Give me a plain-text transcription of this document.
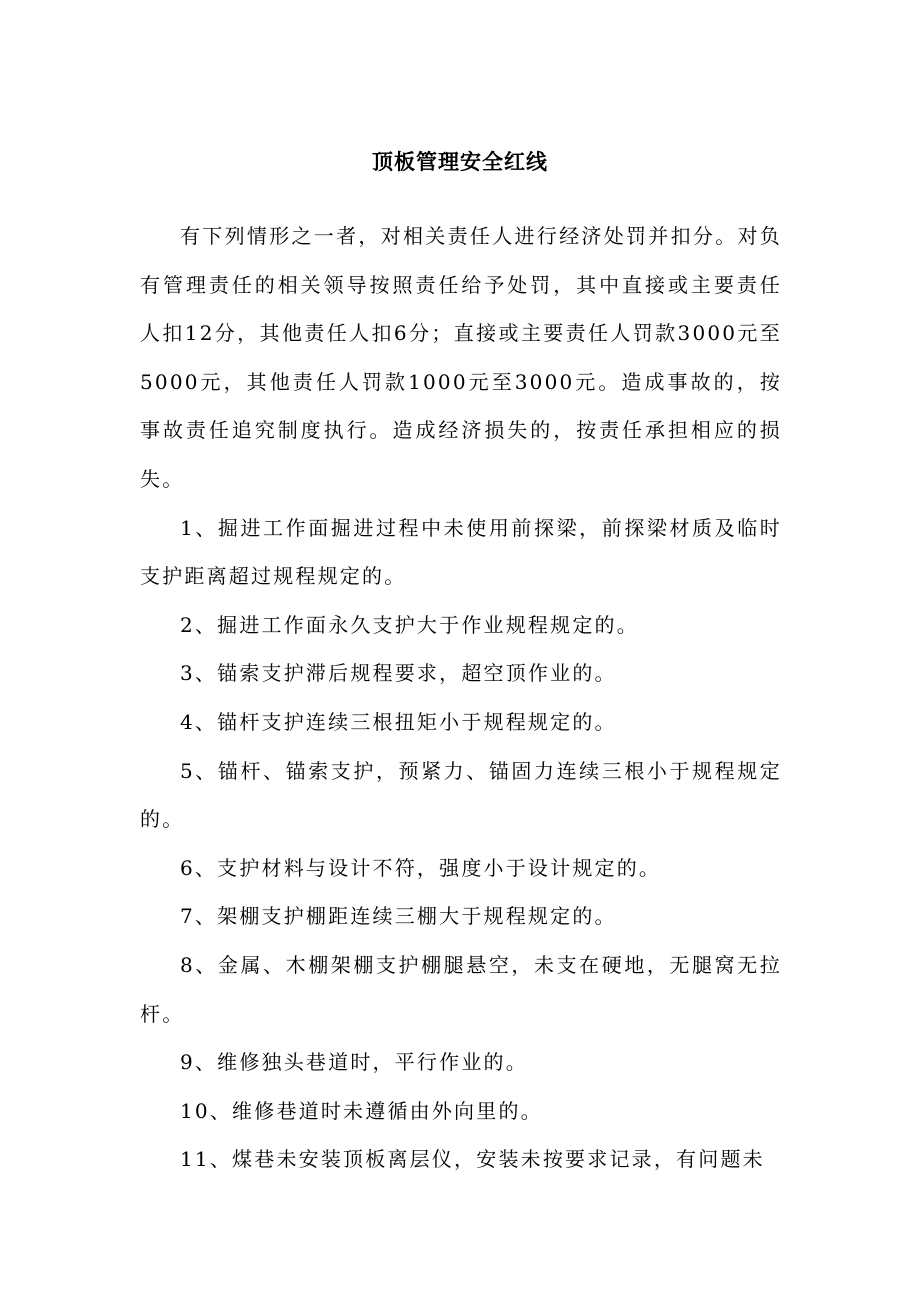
顶板管理安全红线

有下列情形之一者，对相关责任人进行经济处罚并扣分。对负有管理责任的相关领导按照责任给予处罚，其中直接或主要责任人扣12分，其他责任人扣6分；直接或主要责任人罚款3000元至5000元，其他责任人罚款1000元至3000元。造成事故的，按事故责任追究制度执行。造成经济损失的，按责任承担相应的损失。

1、掘进工作面掘进过程中未使用前探梁，前探梁材质及临时支护距离超过规程规定的。

2、掘进工作面永久支护大于作业规程规定的。

3、锚索支护滞后规程要求，超空顶作业的。

4、锚杆支护连续三根扭矩小于规程规定的。

5、锚杆、锚索支护，预紧力、锚固力连续三根小于规程规定的。

6、支护材料与设计不符，强度小于设计规定的。

7、架棚支护棚距连续三棚大于规程规定的。

8、金属、木棚架棚支护棚腿悬空，未支在硬地，无腿窝无拉杆。

9、维修独头巷道时，平行作业的。

10、维修巷道时未遵循由外向里的。

11、煤巷未安装顶板离层仪，安装未按要求记录，有问题未
